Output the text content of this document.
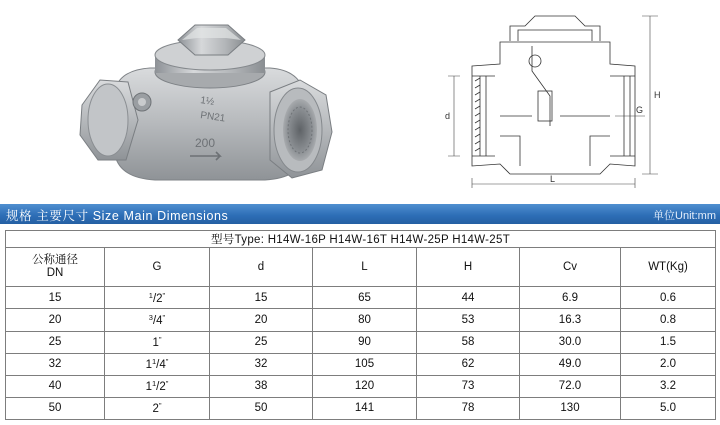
1½
PN21
200
H
d
G
L
规格 主要尺寸 Size Main Dimensions	单位Unit:mm
型号Type: H14W-16P H14W-16T H14W-25P H14W-25T						

公称通径
DN	G	d	L	H	Cv	WT(Kg)
15	$^1$/2"	15	65	44	6.9	0.6
20	$^3$/4"	20	80	53	16.3	0.8
25	1"	25	90	58	30.0	1.5
32	$1^1/4^"$	32	105	62	49.0	2.0
40	$1^1/2^"$	38	120	73	72.0	3.2
50	2"	50	141	78	130	5.0
